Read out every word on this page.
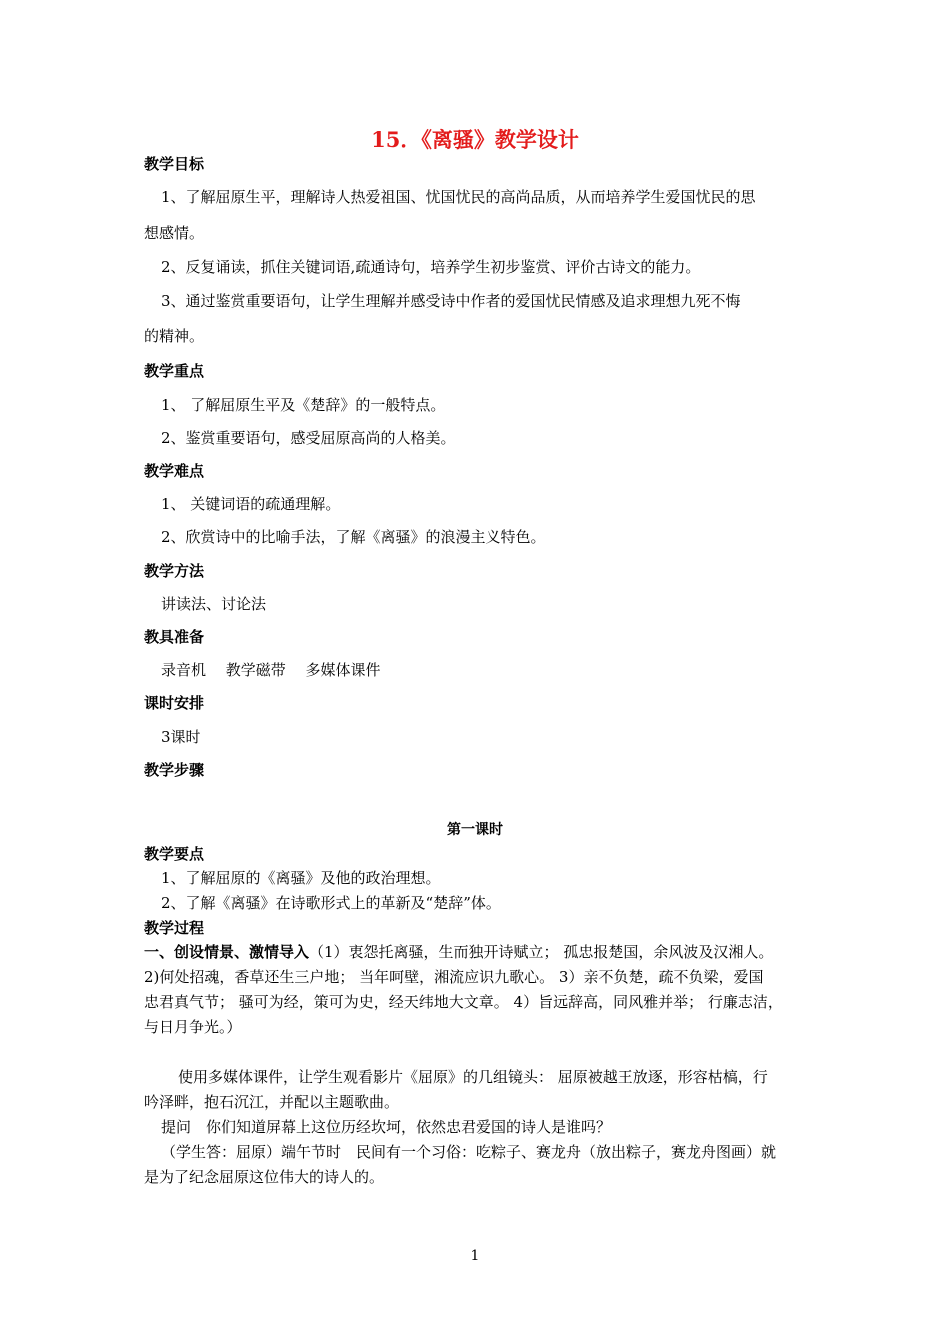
15．《离骚》教学设计
教学目标
1、了解屈原生平，理解诗人热爱祖国、忧国忧民的高尚品质，从而培养学生爱国忧民的思
想感情。
2、反复诵读，抓住关键词语,疏通诗句，培养学生初步鉴赏、评价古诗文的能力。
3、通过鉴赏重要语句，让学生理解并感受诗中作者的爱国忧民情感及追求理想九死不悔
的精神。
教学重点
1、 了解屈原生平及《楚辞》的一般特点。
2、鉴赏重要语句，感受屈原高尚的人格美。
教学难点
1、 关键词语的疏通理解。
2、欣赏诗中的比喻手法，了解《离骚》的浪漫主义特色。
教学方法
讲读法、讨论法
教具准备
录音机　 教学磁带　 多媒体课件
课时安排
3课时
教学步骤
第一课时
教学要点
1、了解屈原的《离骚》及他的政治理想。
2、了解《离骚》在诗歌形式上的革新及“楚辞”体。
教学过程
一、创设情景、激情导入（1）衷怨托离骚，生而独开诗赋立； 孤忠报楚国，余风波及汉湘人。
2)何处招魂，香草还生三户地； 当年呵壁，湘流应识九歌心。 3）亲不负楚，疏不负梁，爱国
忠君真气节； 骚可为经，策可为史，经天纬地大文章。 4）旨远辞高，同风雅并举； 行廉志洁，
与日月争光。）
使用多媒体课件，让学生观看影片《屈原》的几组镜头： 屈原被越王放逐，形容枯槁，行
吟泽畔，抱石沉江，并配以主题歌曲。
提问　你们知道屏幕上这位历经坎坷，依然忠君爱国的诗人是谁吗？
（学生答：屈原）端午节时　民间有一个习俗：吃粽子、赛龙舟（放出粽子，赛龙舟图画）就
是为了纪念屈原这位伟大的诗人的。
1
